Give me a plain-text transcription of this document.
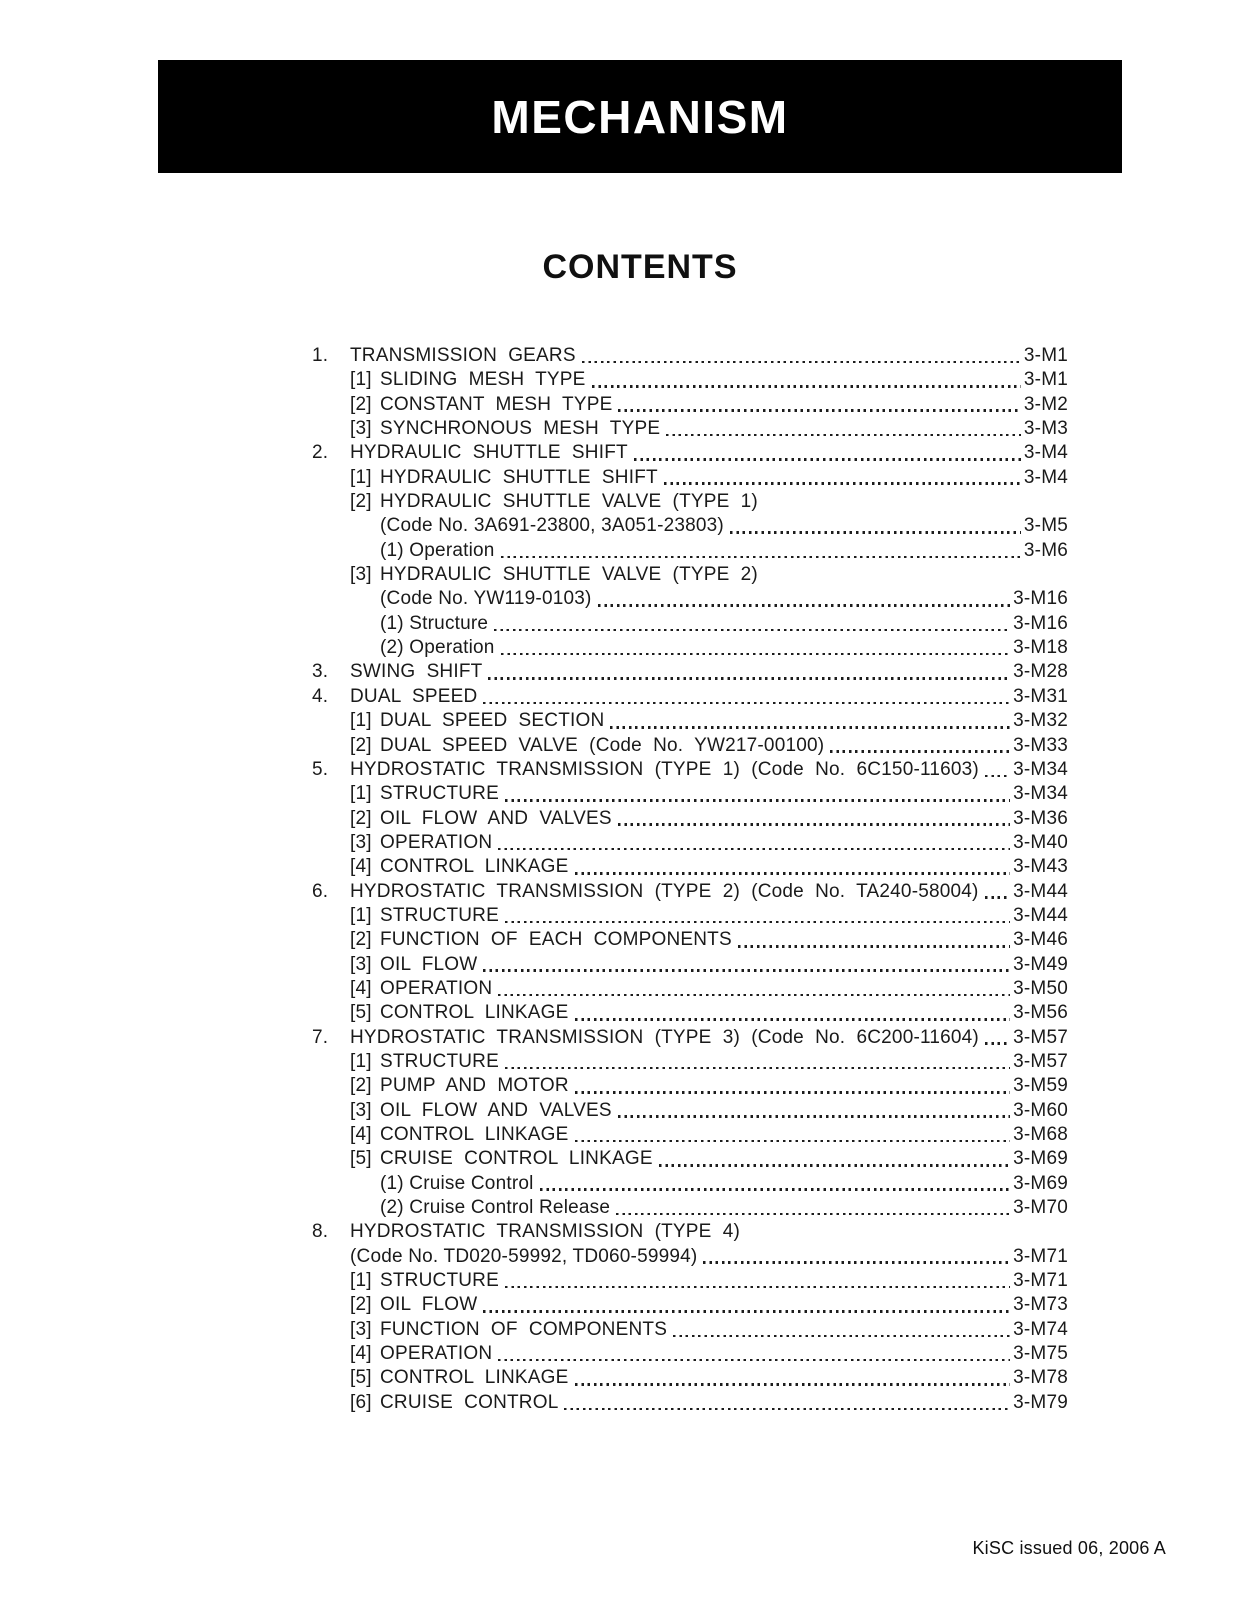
MECHANISM
CONTENTS
1.	TRANSMISSION GEARS	3-M1
[1] SLIDING MESH TYPE	3-M1
[2] CONSTANT MESH TYPE	3-M2
[3] SYNCHRONOUS MESH TYPE	3-M3
2.	HYDRAULIC SHUTTLE SHIFT	3-M4
[1] HYDRAULIC SHUTTLE SHIFT	3-M4
[2] HYDRAULIC SHUTTLE VALVE (TYPE 1)
(Code No. 3A691-23800, 3A051-23803)	3-M5
(1) Operation	3-M6
[3] HYDRAULIC SHUTTLE VALVE (TYPE 2)
(Code No. YW119-0103)	3-M16
(1) Structure	3-M16
(2) Operation	3-M18
3.	SWING SHIFT	3-M28
4.	DUAL SPEED	3-M31
[1] DUAL SPEED SECTION	3-M32
[2] DUAL SPEED VALVE (Code No. YW217-00100)	3-M33
5.	HYDROSTATIC TRANSMISSION (TYPE 1) (Code No. 6C150-11603) 3-M34
[1] STRUCTURE	3-M34
[2] OIL FLOW AND VALVES	3-M36
[3] OPERATION	3-M40
[4] CONTROL LINKAGE	3-M43
6.	HYDROSTATIC TRANSMISSION (TYPE 2) (Code No. TA240-58004) 3-M44
[1] STRUCTURE	3-M44
[2] FUNCTION OF EACH COMPONENTS	3-M46
[3] OIL FLOW	3-M49
[4] OPERATION	3-M50
[5] CONTROL LINKAGE	3-M56
7.	HYDROSTATIC TRANSMISSION (TYPE 3) (Code No. 6C200-11604) 3-M57
[1] STRUCTURE	3-M57
[2] PUMP AND MOTOR	3-M59
[3] OIL FLOW AND VALVES	3-M60
[4] CONTROL LINKAGE	3-M68
[5] CRUISE CONTROL LINKAGE	3-M69
(1) Cruise Control	3-M69
(2) Cruise Control Release	3-M70
8.	HYDROSTATIC TRANSMISSION (TYPE 4)
(Code No. TD020-59992, TD060-59994)	3-M71
[1] STRUCTURE	3-M71
[2] OIL FLOW	3-M73
[3] FUNCTION OF COMPONENTS	3-M74
[4] OPERATION	3-M75
[5] CONTROL LINKAGE	3-M78
[6] CRUISE CONTROL	3-M79
KiSC issued 06, 2006 A
